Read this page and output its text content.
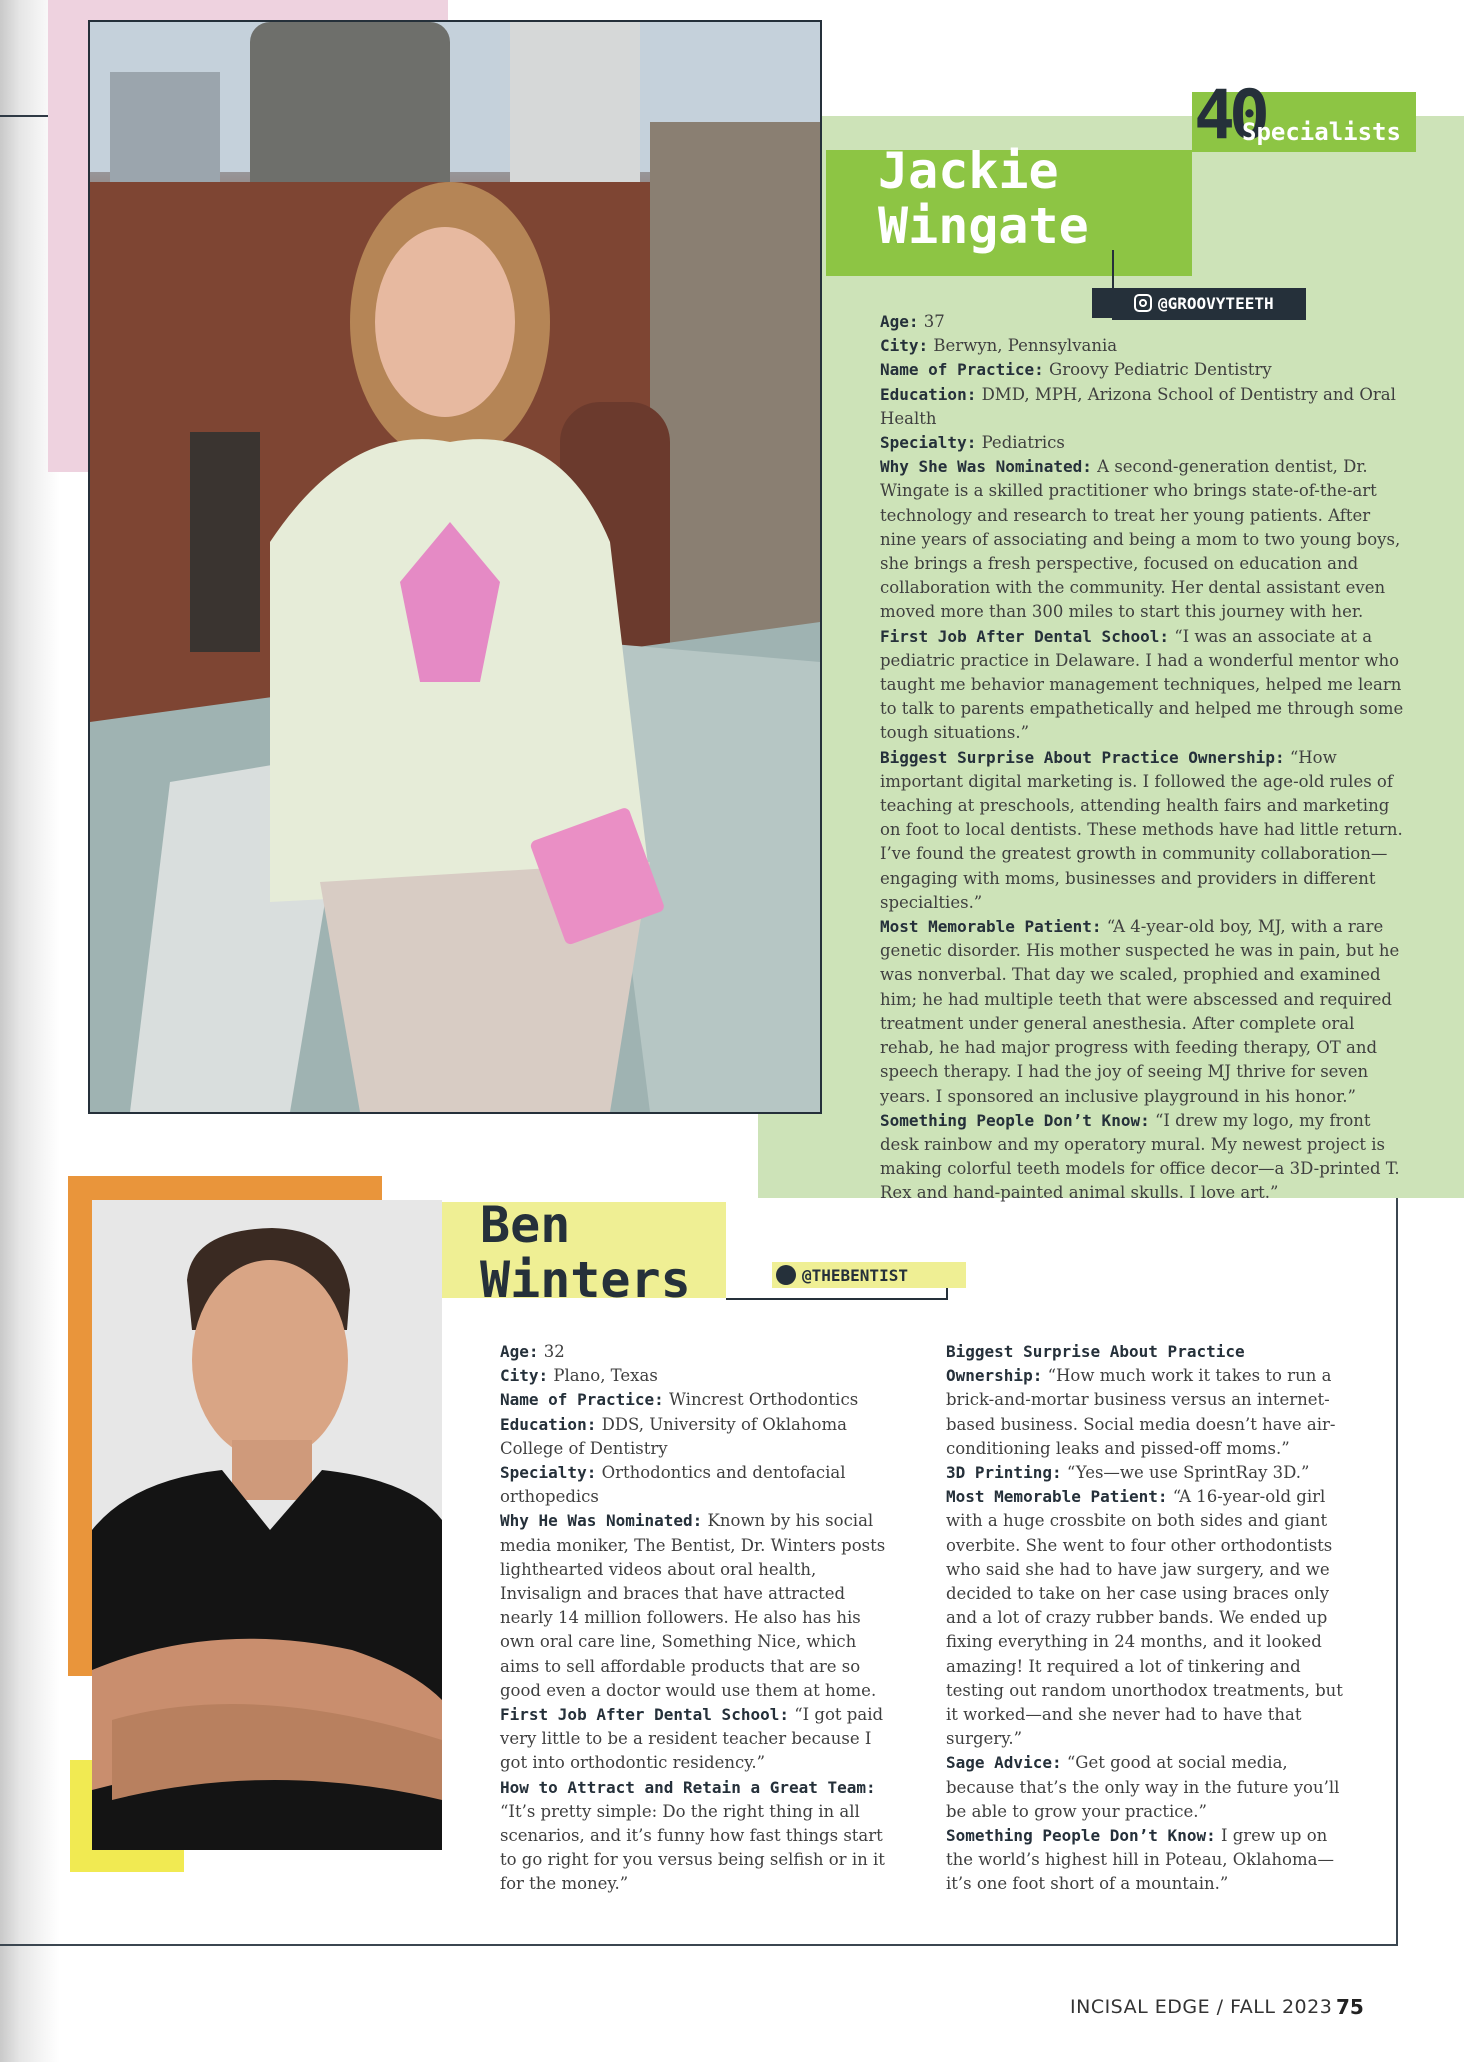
40
Specialists
Jackie
Wingate
@GROOVYTEETH

Age: 37

City: Berwyn, Pennsylvania

Name of Practice: Groovy Pediatric Dentistry

Education: DMD, MPH, Arizona School of Dentistry and Oral Health

Specialty: Pediatrics

Why She Was Nominated: A second-generation dentist, Dr. Wingate is a skilled practitioner who brings state-of-the-art technology and research to treat her young patients. After nine years of associating and being a mom to two young boys, she brings a fresh perspective, focused on education and collaboration with the community. Her dental assistant even moved more than 300 miles to start this journey with her.

First Job After Dental School: “I was an associate at a pediatric practice in Delaware. I had a wonderful mentor who taught me behavior management techniques, helped me learn to talk to parents empathetically and helped me through some tough situations.”

Biggest Surprise About Practice Ownership: “How important digital marketing is. I followed the age-old rules of teaching at preschools, attending health fairs and marketing on foot to local dentists. These methods have had little return. I’ve found the greatest growth in community collaboration—engaging with moms, businesses and providers in different specialties.”

Most Memorable Patient: “A 4-year-old boy, MJ, with a rare genetic disorder. His mother suspected he was in pain, but he was nonverbal. That day we scaled, prophied and examined him; he had multiple teeth that were abscessed and required treatment under general anesthesia. After complete oral rehab, he had major progress with feeding therapy, OT and speech therapy. I had the joy of seeing MJ thrive for seven years. I sponsored an inclusive playground in his honor.”

Something People Don’t Know: “I drew my logo, my front desk rainbow and my operatory mural. My newest project is making colorful teeth models for office decor—a 3D-printed T. Rex and hand-painted animal skulls. I love art.”

Ben
Winters	@THEBENTIST

Age: 32

City: Plano, Texas

Name of Practice: Wincrest Orthodontics

Education: DDS, University of Oklahoma College of Dentistry

Specialty: Orthodontics and dentofacial orthopedics

Why He Was Nominated: Known by his social media moniker, The Bentist, Dr. Winters posts lighthearted videos about oral health, Invisalign and braces that have attracted nearly 14 million followers. He also has his own oral care line, Something Nice, which aims to sell affordable products that are so good even a doctor would use them at home.

First Job After Dental School: “I got paid very little to be a resident teacher because I got into orthodontic residency.”

How to Attract and Retain a Great Team: “It’s pretty simple: Do the right thing in all scenarios, and it’s funny how fast things start to go right for you versus being selfish or in it for the money.”

Biggest Surprise About Practice Ownership: “How much work it takes to run a brick-and-mortar business versus an internet-based business. Social media doesn’t have air-conditioning leaks and pissed-off moms.”

3D Printing: “Yes—we use SprintRay 3D.”

Most Memorable Patient: “A 16-year-old girl with a huge crossbite on both sides and giant overbite. She went to four other orthodontists who said she had to have jaw surgery, and we decided to take on her case using braces only and a lot of crazy rubber bands. We ended up fixing everything in 24 months, and it looked amazing! It required a lot of tinkering and testing out random unorthodox treatments, but it worked—and she never had to have that surgery.”

Sage Advice: “Get good at social media, because that’s the only way in the future you’ll be able to grow your practice.”

Something People Don’t Know: I grew up on the world’s highest hill in Poteau, Oklahoma—it’s one foot short of a mountain.”

INCISAL EDGE / FALL 2023 75
